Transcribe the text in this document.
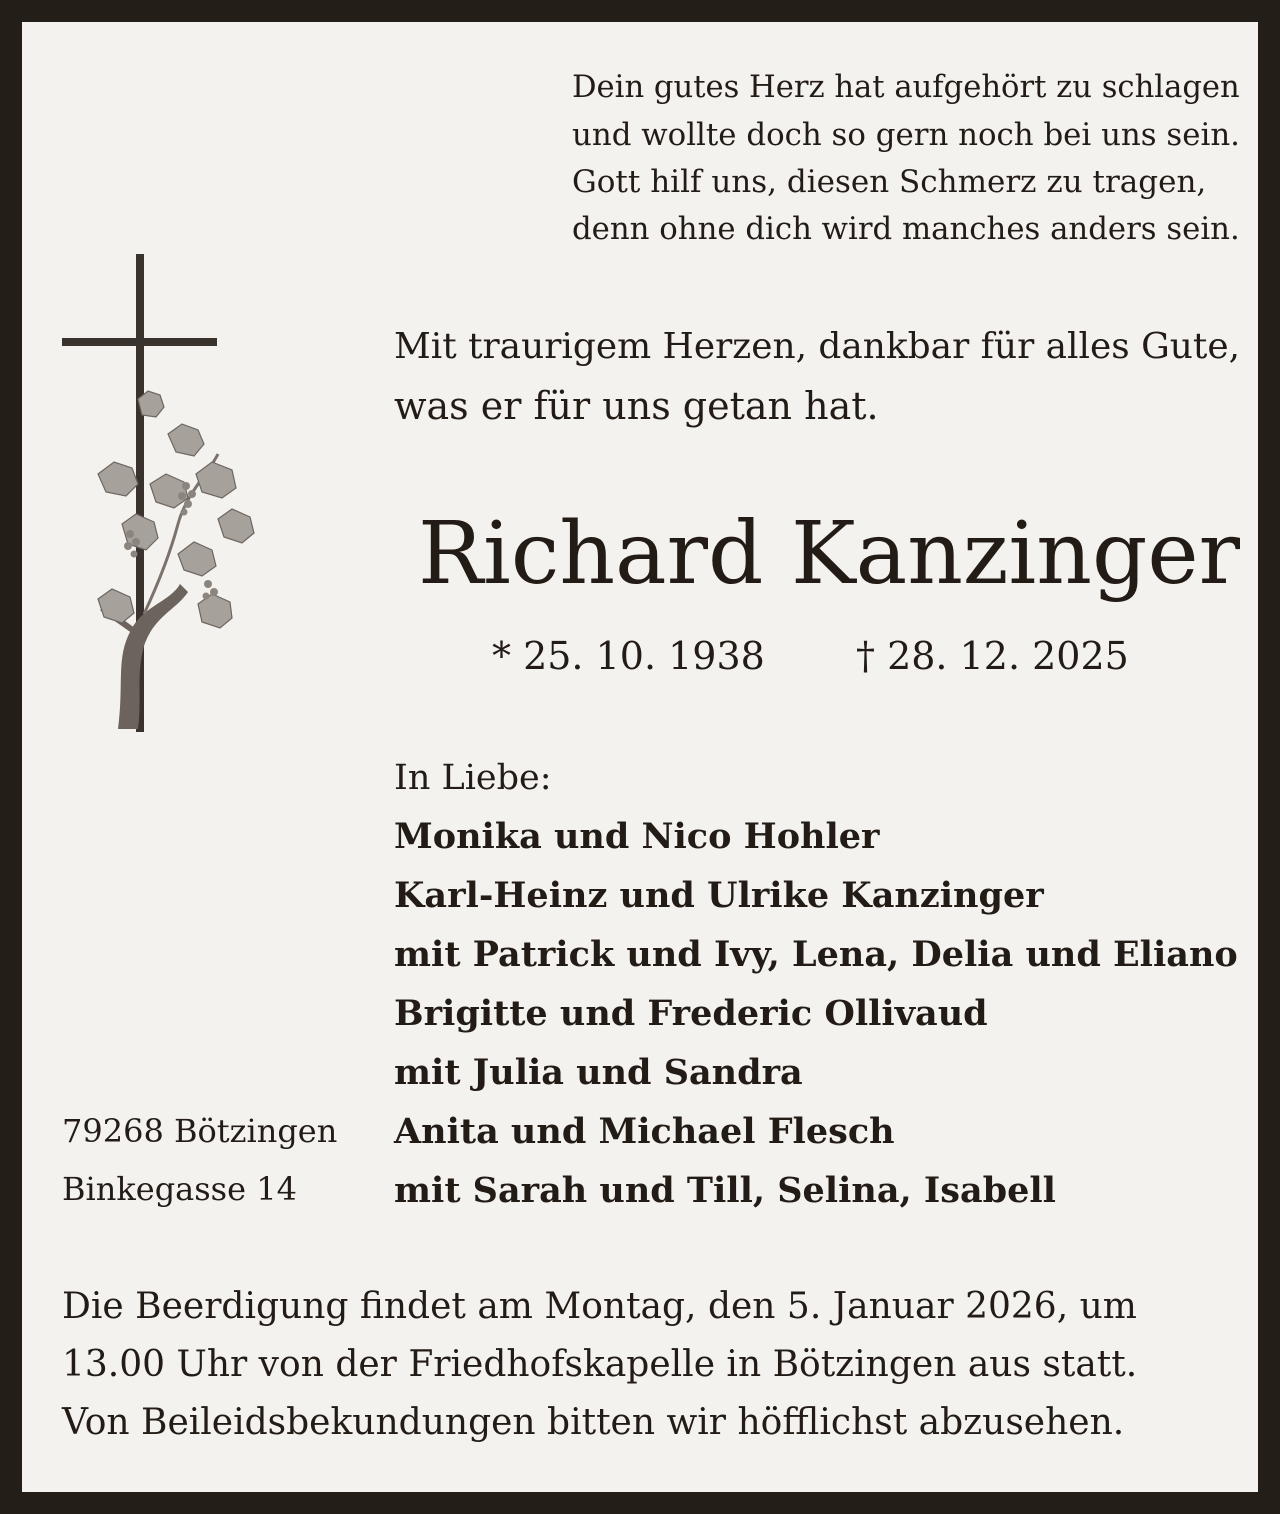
Dein gutes Herz hat aufgehört zu schlagen
und wollte doch so gern noch bei uns sein.
Gott hilf uns, diesen Schmerz zu tragen,
denn ohne dich wird manches anders sein.
Mit traurigem Herzen, dankbar für alles Gute,
was er für uns getan hat.
Richard Kanzinger
* 25. 10. 1938 † 28. 12. 2025
In Liebe:
Monika und Nico Hohler
Karl-Heinz und Ulrike Kanzinger
mit Patrick und Ivy, Lena, Delia und Eliano
Brigitte und Frederic Ollivaud
mit Julia und Sandra
Anita und Michael Flesch
mit Sarah und Till, Selina, Isabell
79268 Bötzingen
Binkegasse 14
Die Beerdigung findet am Montag, den 5. Januar 2026, um
13.00 Uhr von der Friedhofskapelle in Bötzingen aus statt.
Von Beileidsbekundungen bitten wir höfflichst abzusehen.
